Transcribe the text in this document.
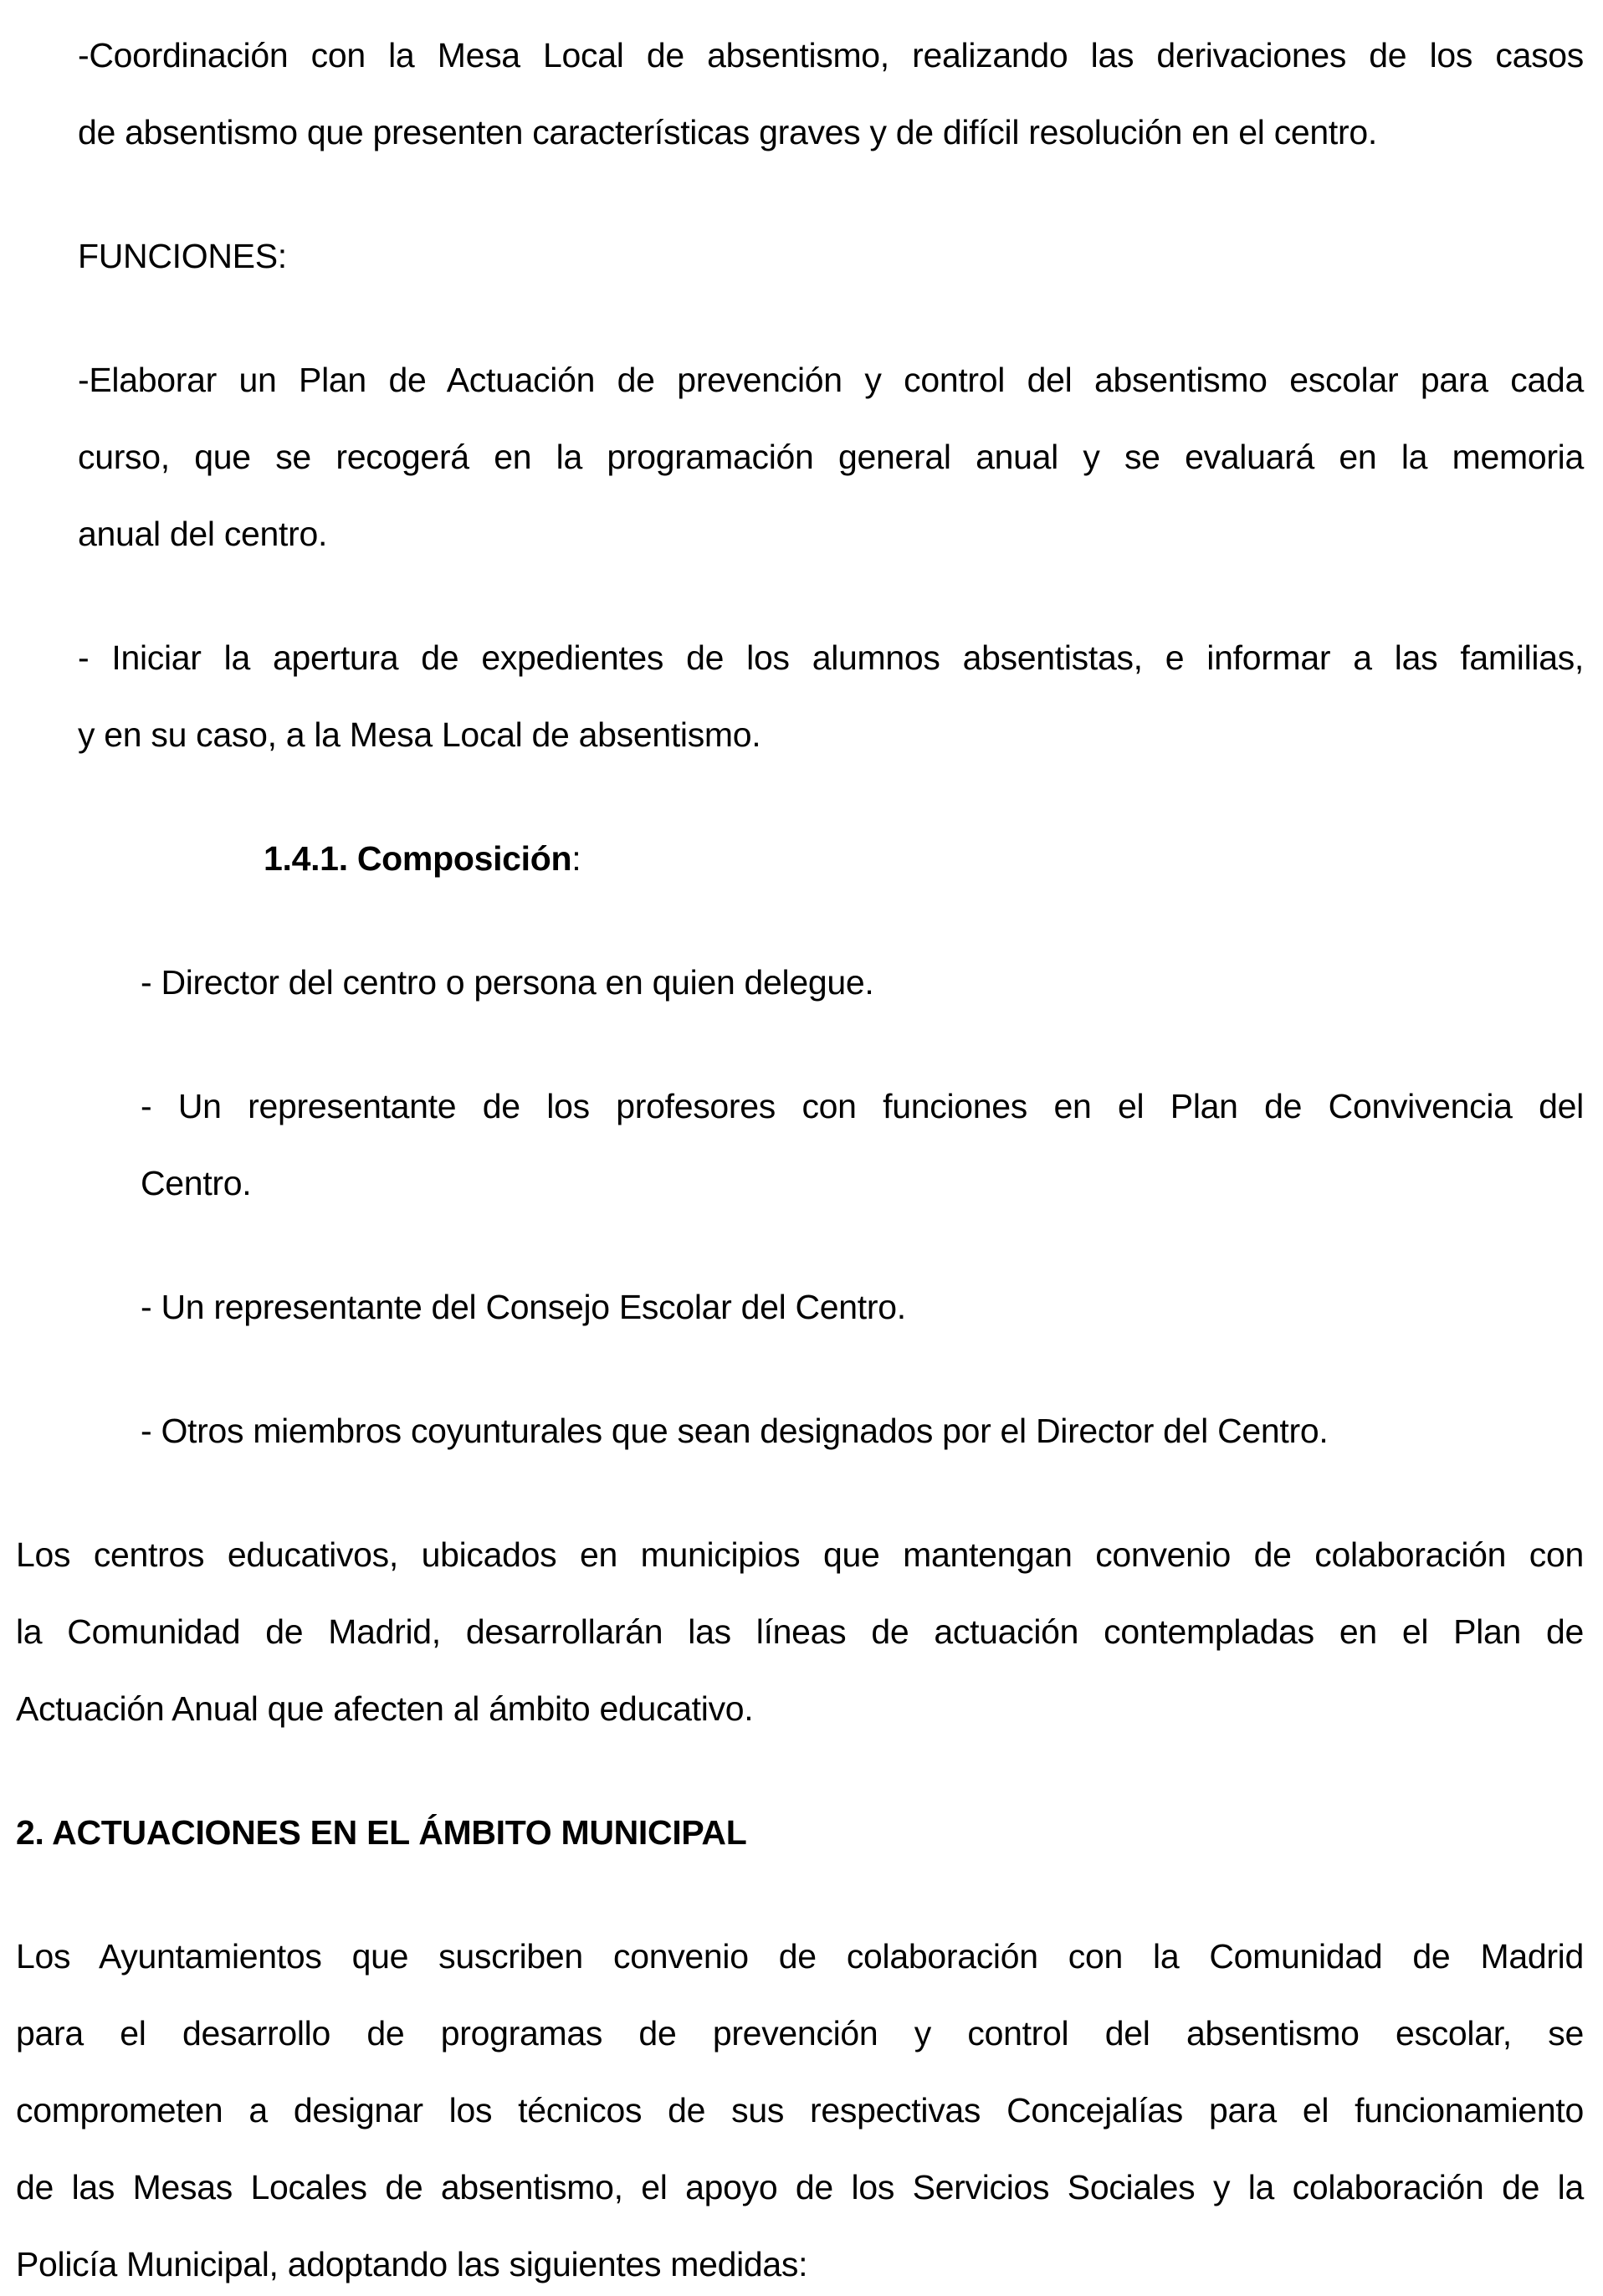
-Coordinación con la Mesa Local de absentismo, realizando las derivaciones de los casos
de absentismo que presenten características graves y de difícil resolución en el centro.
FUNCIONES:
-Elaborar un Plan de Actuación de prevención y control del absentismo escolar para cada
curso, que se recogerá en la programación general anual y se evaluará en la memoria
anual del centro.
- Iniciar la apertura de expedientes de los alumnos absentistas, e informar a las familias,
y en su caso, a la Mesa Local de absentismo.
1.4.1. Composición:
- Director del centro o persona en quien delegue.
- Un representante de los profesores con funciones en el Plan de Convivencia del
Centro.
- Un representante del Consejo Escolar del Centro.
- Otros miembros coyunturales que sean designados por el Director del Centro.
Los centros educativos, ubicados en municipios que mantengan convenio de colaboración con
la Comunidad de Madrid, desarrollarán las líneas de actuación contempladas en el Plan de
Actuación Anual que afecten al ámbito educativo.
2. ACTUACIONES EN EL ÁMBITO MUNICIPAL
Los Ayuntamientos que suscriben convenio de colaboración con la Comunidad de Madrid
para el desarrollo de programas de prevención y control del absentismo escolar, se
comprometen a designar los técnicos de sus respectivas Concejalías para el funcionamiento
de las Mesas Locales de absentismo, el apoyo de los Servicios Sociales y la colaboración de la
Policía Municipal, adoptando las siguientes medidas:
